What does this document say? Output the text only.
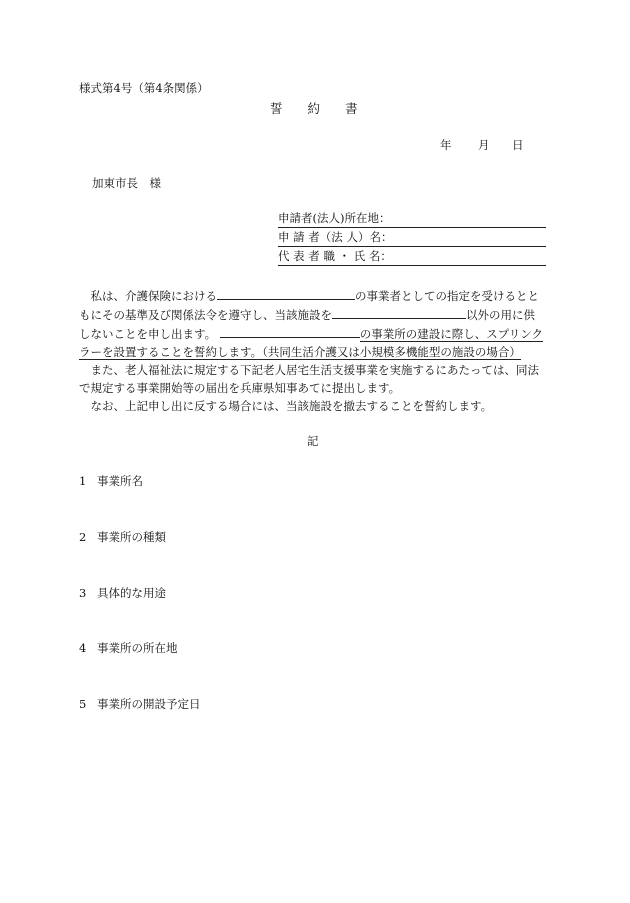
様式第4号（第4条関係）
誓　　約　　書
年 月 日
加東市長　様
申請者(法人)所在地：
申 請 者（法 人）名：
代 表 者 職 ・ 氏 名：

　私は、介護保険における	の事業者としての指定を受けるとと

もにその基準及び関係法令を遵守し、当該施設を	以外の用に供

しないことを申し出ます。	の事業所の建設に際し、スプリンク

ラーを設置することを誓約します。（共同生活介護又は小規模多機能型の施設の場合）

　また、老人福祉法に規定する下記老人居宅生活支援事業を実施するにあたっては、同法

で規定する事業開始等の届出を兵庫県知事あてに提出します。

　なお、上記申し出に反する場合には、当該施設を撤去することを誓約します。

記
1 事業所名
2 事業所の種類
3 具体的な用途
4 事業所の所在地
5 事業所の開設予定日
